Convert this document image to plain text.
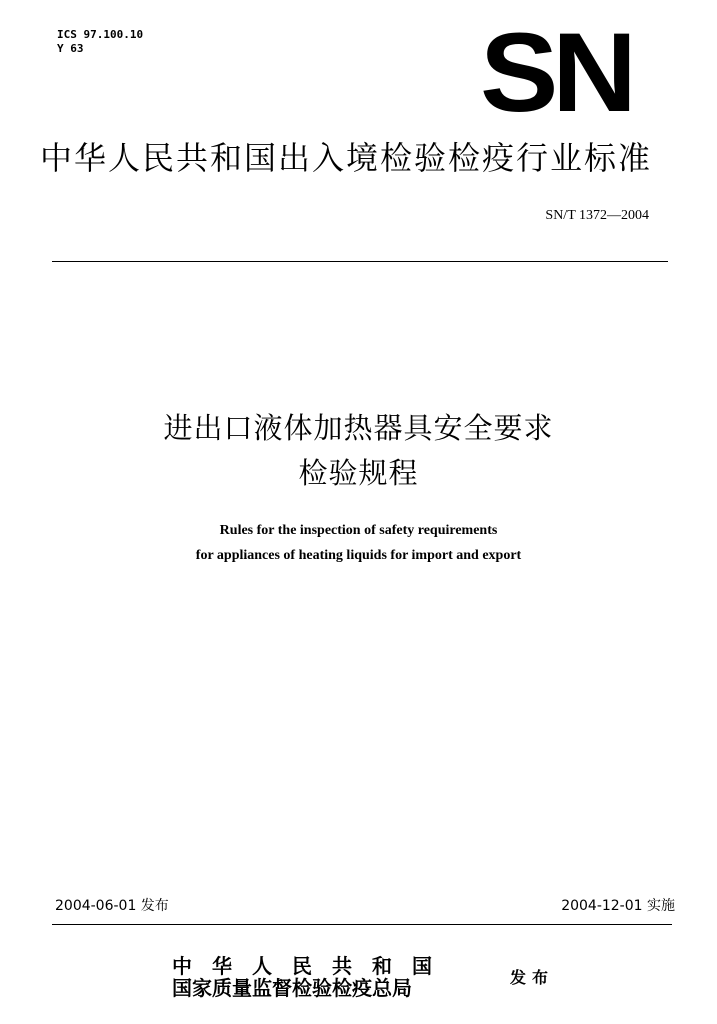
ICS 97.100.10
Y 63	SN
中华人民共和国出入境检验检疫行业标准
SN/T 1372—2004
进出口液体加热器具安全要求
检验规程
Rules for the inspection of safety requirements
for appliances of heating liquids for import and export
2004-06-01 发布	2004-12-01 实施
中华人民共和国
国家质量监督检验检疫总局	发布
